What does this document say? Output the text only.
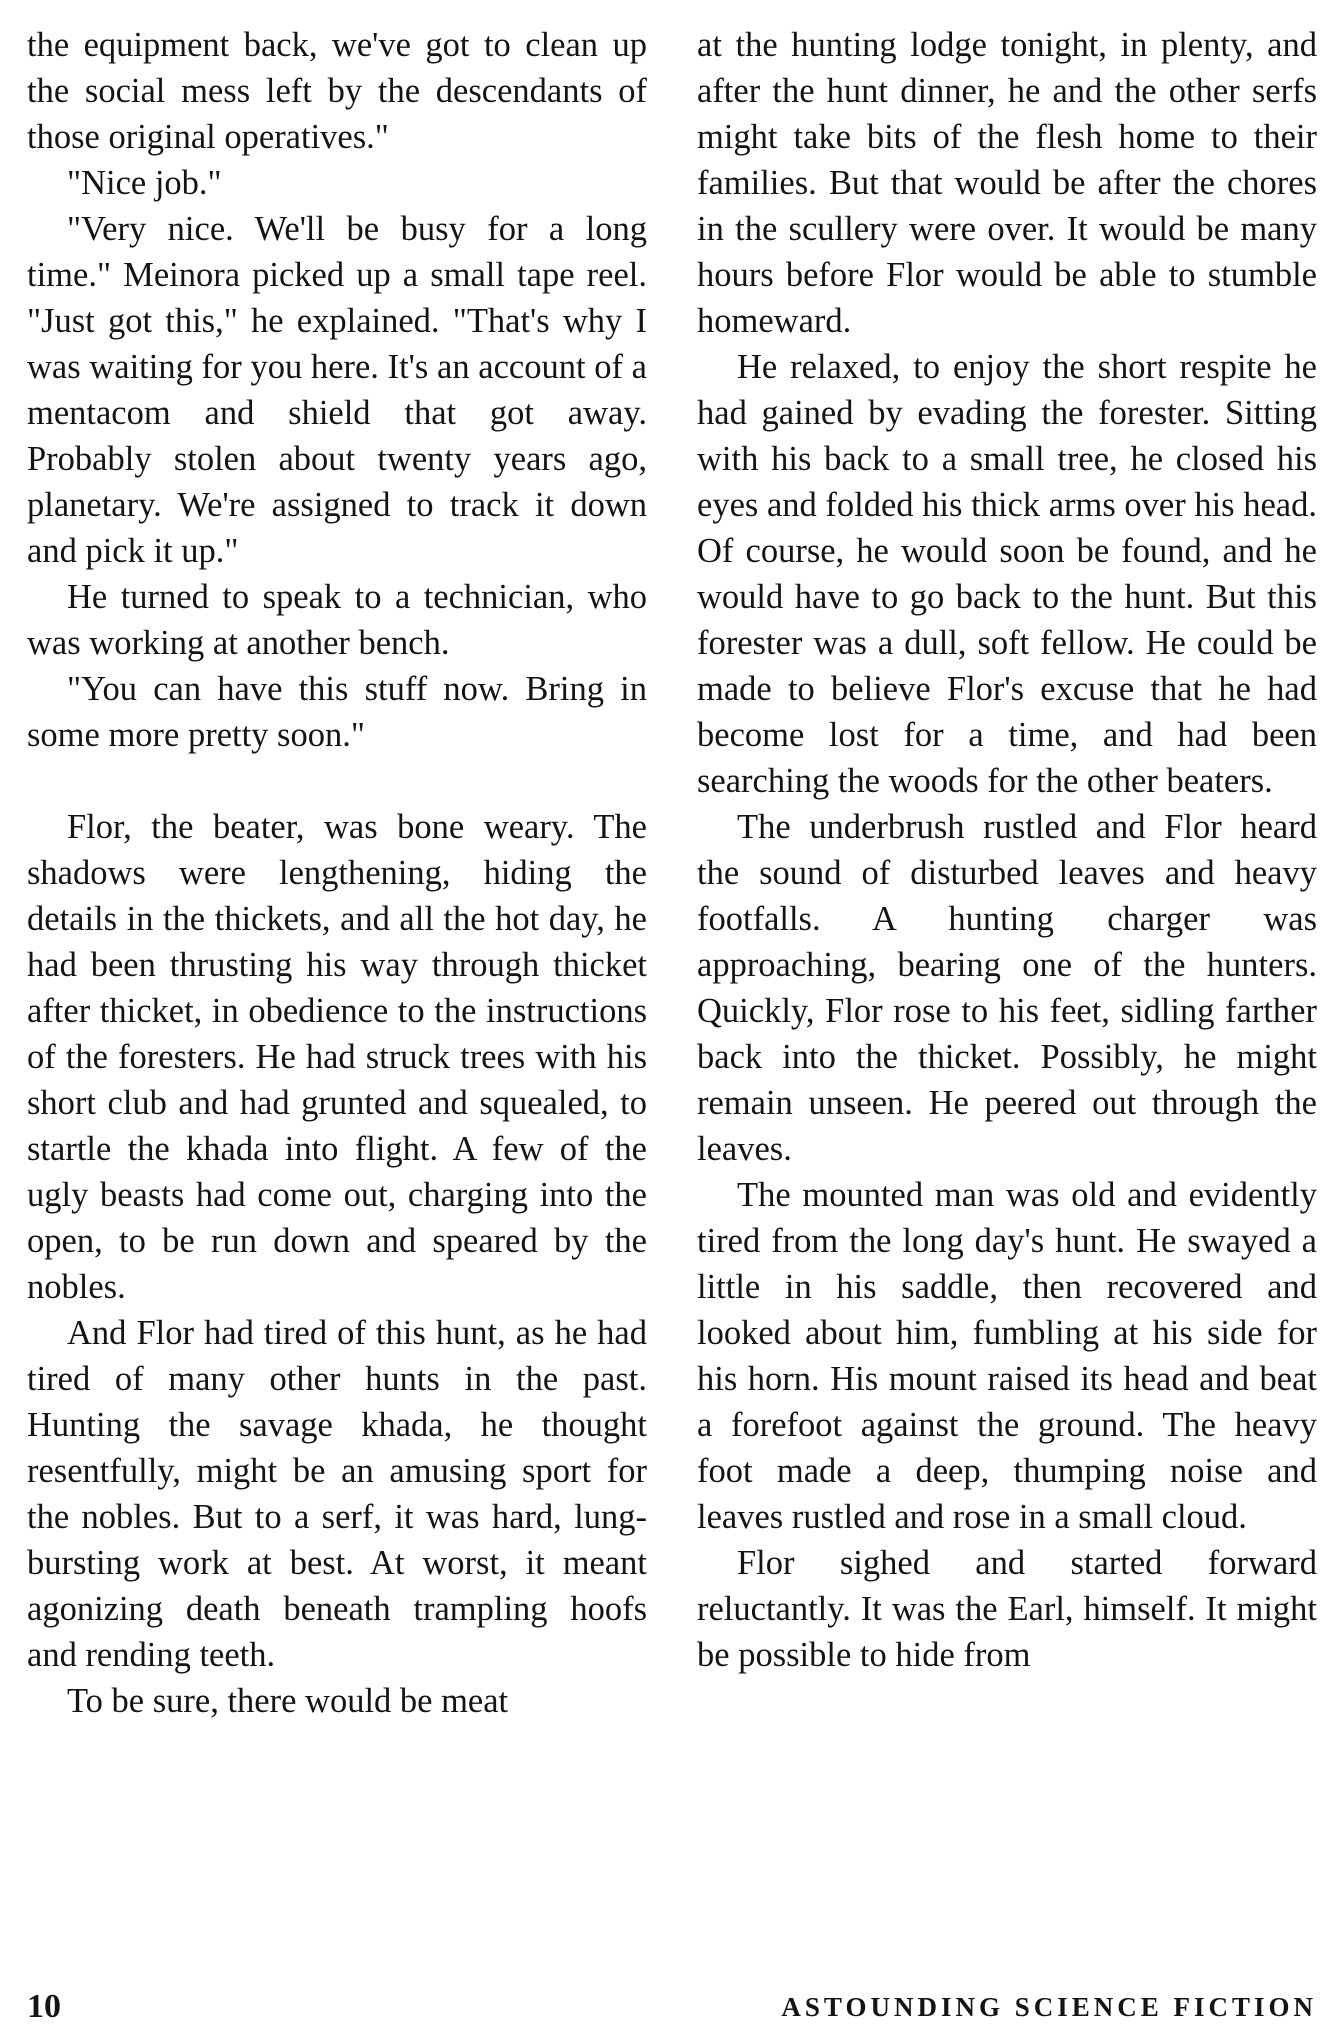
the equipment back, we've got to clean up the social mess left by the descendants of those original operatives."

"Nice job."

"Very nice. We'll be busy for a long time." Meinora picked up a small tape reel. "Just got this," he explained. "That's why I was waiting for you here. It's an account of a mentacom and shield that got away. Probably stolen about twenty years ago, planetary. We're assigned to track it down and pick it up."

He turned to speak to a technician, who was working at another bench.

"You can have this stuff now. Bring in some more pretty soon."

Flor, the beater, was bone weary. The shadows were lengthening, hiding the details in the thickets, and all the hot day, he had been thrusting his way through thicket after thicket, in obedience to the instructions of the foresters. He had struck trees with his short club and had grunted and squealed, to startle the khada into flight. A few of the ugly beasts had come out, charging into the open, to be run down and speared by the nobles.

And Flor had tired of this hunt, as he had tired of many other hunts in the past. Hunting the savage khada, he thought resentfully, might be an amusing sport for the nobles. But to a serf, it was hard, lung-bursting work at best. At worst, it meant agonizing death beneath trampling hoofs and rending teeth.

To be sure, there would be meat

at the hunting lodge tonight, in plenty, and after the hunt dinner, he and the other serfs might take bits of the flesh home to their families. But that would be after the chores in the scullery were over. It would be many hours before Flor would be able to stumble homeward.

He relaxed, to enjoy the short respite he had gained by evading the forester. Sitting with his back to a small tree, he closed his eyes and folded his thick arms over his head. Of course, he would soon be found, and he would have to go back to the hunt. But this forester was a dull, soft fellow. He could be made to believe Flor's excuse that he had become lost for a time, and had been searching the woods for the other beaters.

The underbrush rustled and Flor heard the sound of disturbed leaves and heavy footfalls. A hunting charger was approaching, bearing one of the hunters. Quickly, Flor rose to his feet, sidling farther back into the thicket. Possibly, he might remain unseen. He peered out through the leaves.

The mounted man was old and evidently tired from the long day's hunt. He swayed a little in his saddle, then recovered and looked about him, fumbling at his side for his horn. His mount raised its head and beat a forefoot against the ground. The heavy foot made a deep, thumping noise and leaves rustled and rose in a small cloud.

Flor sighed and started forward reluctantly. It was the Earl, himself. It might be possible to hide from

10	ASTOUNDING SCIENCE FICTION
